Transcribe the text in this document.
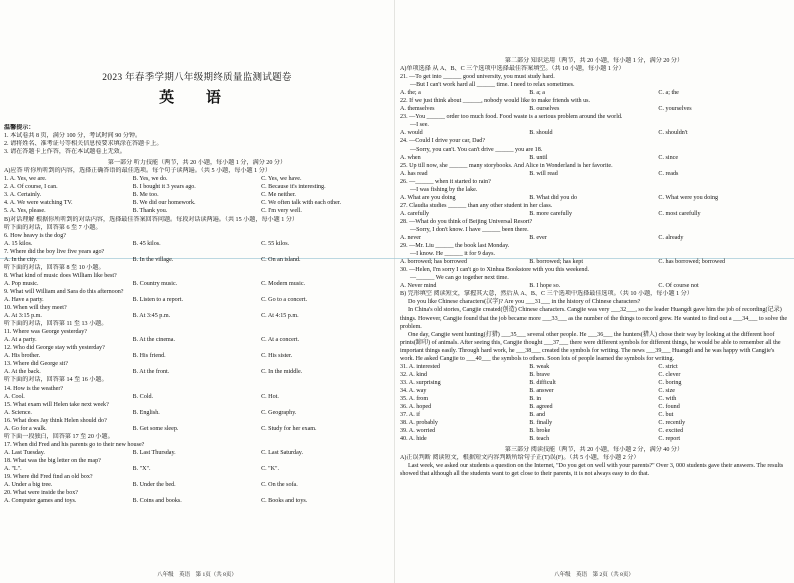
2023 年春季学期八年级期终质量监测试题卷
英 语
温馨提示：
1. 本试卷共 8 页，满分 100 分，考试时间 90 分钟。
2. 请将姓名、准考证号等相关信息按要求填涂在答题卡上。
3. 请在答题卡上作答，答在本试题卷上无效。
第一部分 听力技能（两节，共 20 小题，每小题 1 分，满分 20 分）
A)应答 听你所听到的内容，选择正确答语的最佳选项。每个句子读两遍。（共 5 小题，每小题 1 分）
1. A. Yes, we are.	B. Yes, we do.	C. Yes, we have.
2. A. Of course, I can.	B. I bought it 3 years ago.	C. Because it's interesting.
3. A. Certainly.	B. Me too.	C. Me neither.
4. A. We were watching TV.	B. We did our homework.	C. We often talk with each other.
5. A. Yes, please.	B. Thank you.	C. I'm very well.
B)对话理解 根据你所听到的对话内容，选择最佳答案回答问题。每段对话读两遍。（共 15 小题，每小题 1 分）
听下面的对话，回答第 6 至 7 小题。
6. How heavy is the dog?
A. 15 kilos.	B. 45 kilos.	C. 55 kilos.
7. Where did the boy live five years ago?
A. In the city.	B. In the village.	C. On an island.
听下面的对话，回答第 8 至 10 小题。
8. What kind of music does William like best?
A. Pop music.	B. Country music.	C. Modern music.
9. What will William and Sara do this afternoon?
A. Have a party.	B. Listen to a report.	C. Go to a concert.
10. When will they meet?
A. At 3:15 p.m.	B. At 3:45 p.m.	C. At 4:15 p.m.
听下面的对话，回答第 11 至 13 小题。
11. Where was George yesterday?
A. At a party.	B. At the cinema.	C. At a concert.
12. Who did George stay with yesterday?
A. His brother.	B. His friend.	C. His sister.
13. Where did George sit?
A. At the back.	B. At the front.	C. In the middle.
听下面的对话，回答第 14 至 16 小题。
14. How is the weather?
A. Cool.	B. Cold.	C. Hot.
15. What exam will Helen take next week?
A. Science.	B. English.	C. Geography.
16. What does Jay think Helen should do?
A. Go for a walk.	B. Get some sleep.	C. Study for her exam.
听下面一段独白，回答第 17 至 20 小题。
17. When did Fred and his parents go to their new house?
A. Last Tuesday.	B. Last Thursday.	C. Last Saturday.
18. What was the big letter on the map?
A. "L".	B. "X".	C. "K".
19. Where did Fred find an old box?
A. Under a big tree.	B. Under the bed.	C. On the sofa.
20. What were inside the box?
A. Computer games and toys.	B. Coins and books.	C. Books and toys.
八年级　英语　第 1页（共 8页）
第二部分 知识运用（两节，共 20 小题，每小题 1 分，满分 20 分）
A)单项选择 从 A、B、C 三个选项中选择最佳答案填空。（共 10 小题，每小题 1 分）
21. —To get into ______ good university, you must study hard.
—But I can't work hard all ______ time. I need to relax sometimes.
A. the; a	B. a; a	C. a; the
22. If we just think about ______, nobody would like to make friends with us.
A. themselves	B. ourselves	C. yourselves
23. —You ______ order too much food. Food waste is a serious problem around the world.
—I see.
A. would	B. should	C. shouldn't
24. —Could I drive your car, Dad?
—Sorry, you can't. You can't drive ______ you are 18.
A. when	B. until	C. since
25. Up till now, she ______ many storybooks. And Alice in Wonderland is her favorite.
A. has read	B. will read	C. reads
26. —______ when it started to rain?
—I was fishing by the lake.
A. What are you doing	B. What did you do	C. What were you doing
27. Claudia studies ______ than any other student in her class.
A. carefully	B. more carefully	C. most carefully
28. —What do you think of Beijing Universal Resort?
—Sorry, I don't know. I have ______ been there.
A. never	B. ever	C. already
29. —Mr. Liu ______ the book last Monday.
—I know. He ______ it for 9 days.
A. borrowed; has borrowed	B. borrowed; has kept	C. has borrowed; borrowed
30. —Helen, I'm sorry I can't go to Xinhua Bookstore with you this weekend.
—______ We can go together next time.
A. Never mind	B. I hope so.	C. Of course not
B) 完形填空 阅读短文，掌握其大意，然后从 A、B、C 三个选项中选择最佳选项。（共 10 小题，每小题 1 分）
Do you like Chinese characters(汉字)? Are you ___31___ in the history of Chinese characters?
In China's old stories, Cangjie created(创造) Chinese characters. Cangjie was very ___32___, so the leader Huangdi gave him the job of recording(记录) things. However, Cangjie found that the job became more ___33___ as the number of the things to record grew. He wanted to find out a ___34___ to solve the problem.
One day, Cangjie went hunting(打猎) ___35___ several other people. He ___36___ the hunters(猎人) chose their way by looking at the different hoof prints(蹄印) of animals. After seeing this, Cangjie thought ___37___ there were different symbols for different things, he would be able to remember all the important things easily. Through hard work, he ___38___ created the symbols for writing. The news ___39___ Huangdi and he was happy with Cangjie's work. He asked Cangjie to ___40___ the symbols to others. Soon lots of people learned the symbols for writing.
31. A. interested	B. weak	C. strict
32. A. kind	B. brave	C. clever
33. A. surprising	B. difficult	C. boring
34. A. way	B. answer	C. size
35. A. from	B. in	C. with
36. A. hoped	B. agreed	C. found
37. A. if	B. and	C. but
38. A. probably	B. finally	C. recently
39. A. worried	B. broke	C. excited
40. A. hide	B. teach	C. report
第三部分 阅读技能（两节，共 20 小题，每小题 2 分，满分 40 分）
A)正误判断 阅读短文，根据短文内容判断所给句子正(T)误(F)。（共 5 小题，每小题 2 分）
Last week, we asked our students a question on the Internet, "Do you get on well with your parents?" Over 3, 000 students gave their answers. The results showed that although all the students want to get close to their parents, it is not always easy to do that.
八年级　英语　第 2页（共 8页）
